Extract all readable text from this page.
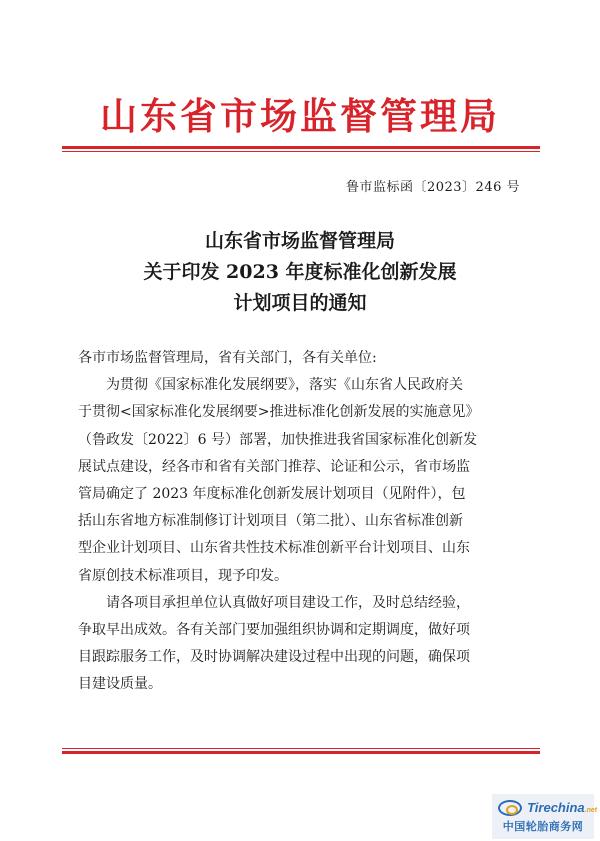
山东省市场监督管理局
鲁市监标函〔2023〕246 号
山东省市场监督管理局
关于印发 2023 年度标准化创新发展
计划项目的通知

各市市场监督管理局，省有关部门，各有关单位:

为贯彻《国家标准化发展纲要》，落实《山东省人民政府关

于贯彻<国家标准化发展纲要>推进标准化创新发展的实施意见》

（鲁政发〔2022〕6 号）部署，加快推进我省国家标准化创新发

展试点建设，经各市和省有关部门推荐、论证和公示，省市场监

管局确定了 2023 年度标准化创新发展计划项目（见附件），包

括山东省地方标准制修订计划项目（第二批）、山东省标准创新

型企业计划项目、山东省共性技术标准创新平台计划项目、山东

省原创技术标准项目，现予印发。

请各项目承担单位认真做好项目建设工作，及时总结经验，

争取早出成效。各有关部门要加强组织协调和定期调度，做好项

目跟踪服务工作，及时协调解决建设过程中出现的问题，确保项

目建设质量。

Tirechina.net
中国轮胎商务网
